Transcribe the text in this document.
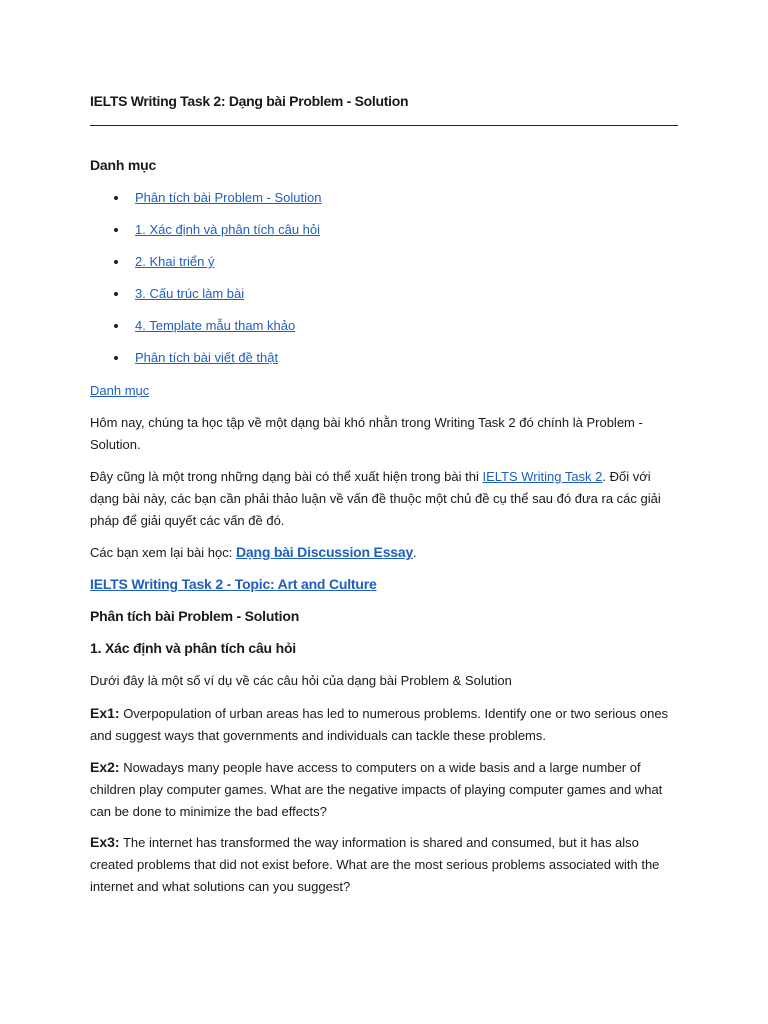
IELTS Writing Task 2: Dạng bài Problem - Solution
Danh mục
Phân tích bài Problem - Solution
1. Xác định và phân tích câu hỏi
2. Khai triển ý
3. Cấu trúc làm bài
4. Template mẫu tham khảo
Phân tích bài viết đề thật
Danh mục
Hôm nay, chúng ta học tập về một dạng bài khó nhằn trong Writing Task 2 đó chính là Problem - Solution.
Đây cũng là một trong những dạng bài có thể xuất hiện trong bài thi IELTS Writing Task 2. Đối với dạng bài này, các bạn cần phải thảo luận về vấn đề thuộc một chủ đề cụ thể sau đó đưa ra các giải pháp để giải quyết các vấn đề đó.
Các bạn xem lại bài học: Dạng bài Discussion Essay.
IELTS Writing Task 2 - Topic: Art and Culture
Phân tích bài Problem - Solution
1. Xác định và phân tích câu hỏi
Dưới đây là một số ví dụ về các câu hỏi của dạng bài Problem & Solution
Ex1: Overpopulation of urban areas has led to numerous problems. Identify one or two serious ones and suggest ways that governments and individuals can tackle these problems.
Ex2: Nowadays many people have access to computers on a wide basis and a large number of children play computer games. What are the negative impacts of playing computer games and what can be done to minimize the bad effects?
Ex3: The internet has transformed the way information is shared and consumed, but it has also created problems that did not exist before. What are the most serious problems associated with the internet and what solutions can you suggest?
